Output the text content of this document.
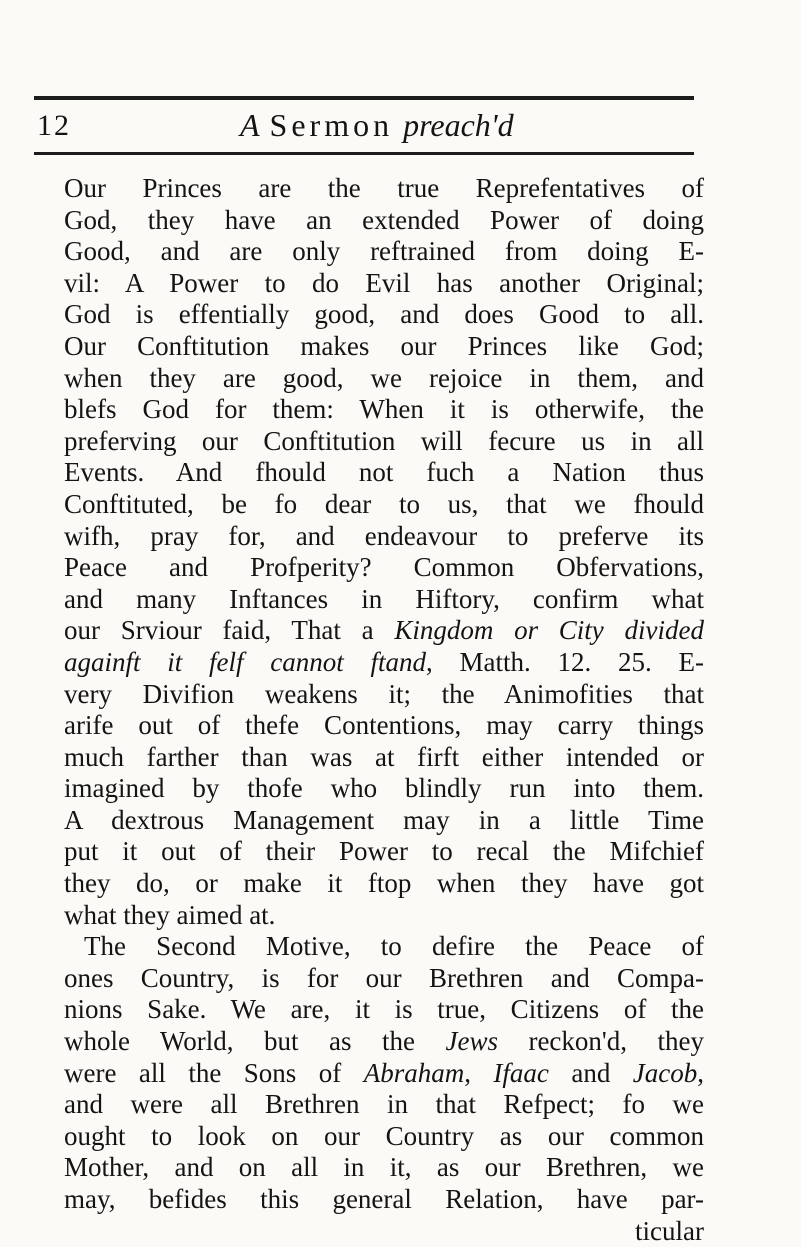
12	A Sermon preach'd
Our Princes are the true Reprefentatives of
God, they have an extended Power of doing
Good, and are only reftrained from doing E-
vil: A Power to do Evil has another Original;
God is effentially good, and does Good to all.
Our Conftitution makes our Princes like God;
when they are good, we rejoice in them, and
blefs God for them: When it is otherwife, the
preferving our Conftitution will fecure us in all
Events. And fhould not fuch a Nation thus
Conftituted, be fo dear to us, that we fhould
wifh, pray for, and endeavour to preferve its
Peace and Profperity? Common Obfervations,
and many Inftances in Hiftory, confirm what
our Srviour faid, That a Kingdom or City divided
againft it felf cannot ftand, Matth. 12. 25. E-
very Divifion weakens it; the Animofities that
arife out of thefe Contentions, may carry things
much farther than was at firft either intended or
imagined by thofe who blindly run into them.
A dextrous Management may in a little Time
put it out of their Power to recal the Mifchief
they do, or make it ftop when they have got
what they aimed at.
The Second Motive, to defire the Peace of
ones Country, is for our Brethren and Compa-
nions Sake. We are, it is true, Citizens of the
whole World, but as the Jews reckon'd, they
were all the Sons of Abraham, Ifaac and Jacob,
and were all Brethren in that Refpect; fo we
ought to look on our Country as our common
Mother, and on all in it, as our Brethren, we
may, befides this general Relation, have par-
ticular
